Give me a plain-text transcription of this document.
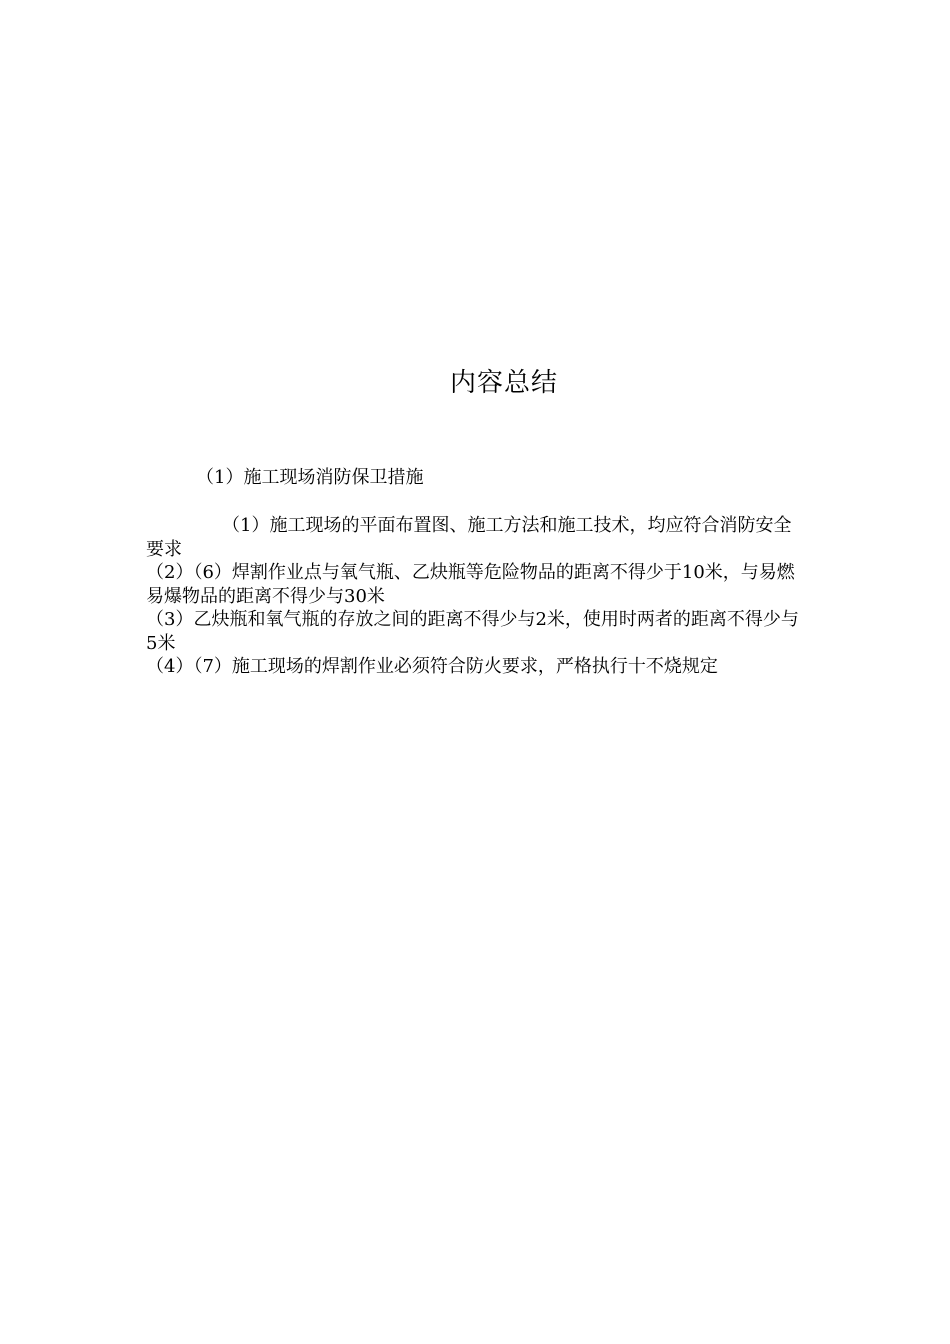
内容总结
（1）施工现场消防保卫措施

（1）施工现场的平面布置图、施工方法和施工技术，均应符合消防安全要求

（2）（6）焊割作业点与氧气瓶、乙炔瓶等危险物品的距离不得少于10米，与易燃易爆物品的距离不得少与30米

（3）乙炔瓶和氧气瓶的存放之间的距离不得少与2米，使用时两者的距离不得少与5米

（4）（7）施工现场的焊割作业必须符合防火要求，严格执行十不烧规定
